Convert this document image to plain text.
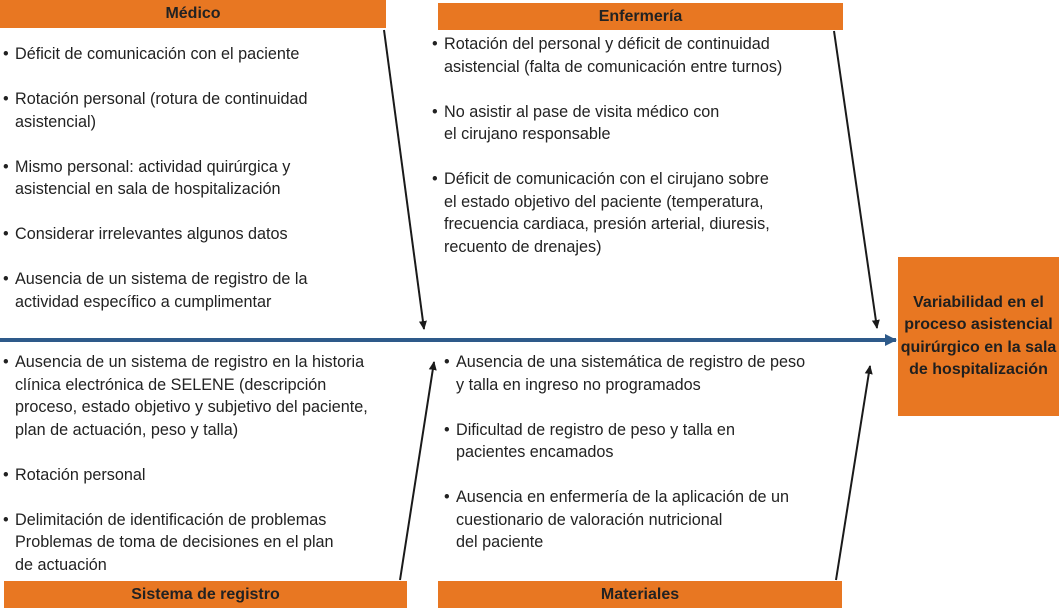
Médico	Enfermería
Sistema de registro	Materiales
Variabilidad en el proceso asistencial quirúrgico en la sala de hospitalización
• Déficit de comunicación con el paciente
• Rotación personal (rotura de continuidad
asistencial)
• Mismo personal: actividad quirúrgica y
asistencial en sala de hospitalización
• Considerar irrelevantes algunos datos
• Ausencia de un sistema de registro de la
actividad específico a cumplimentar
• Rotación del personal y déficit de continuidad
asistencial (falta de comunicación entre turnos)
• No asistir al pase de visita médico con
el cirujano responsable
• Déficit de comunicación con el cirujano sobre
el estado objetivo del paciente (temperatura,
frecuencia cardiaca, presión arterial, diuresis,
recuento de drenajes)
• Ausencia de un sistema de registro en la historia
clínica electrónica de SELENE (descripción
proceso, estado objetivo y subjetivo del paciente,
plan de actuación, peso y talla)
• Rotación personal
• Delimitación de identificación de problemas
Problemas de toma de decisiones en el plan
de actuación
• Ausencia de una sistemática de registro de peso
y talla en ingreso no programados
• Dificultad de registro de peso y talla en
pacientes encamados
• Ausencia en enfermería de la aplicación de un
cuestionario de valoración nutricional
del paciente
